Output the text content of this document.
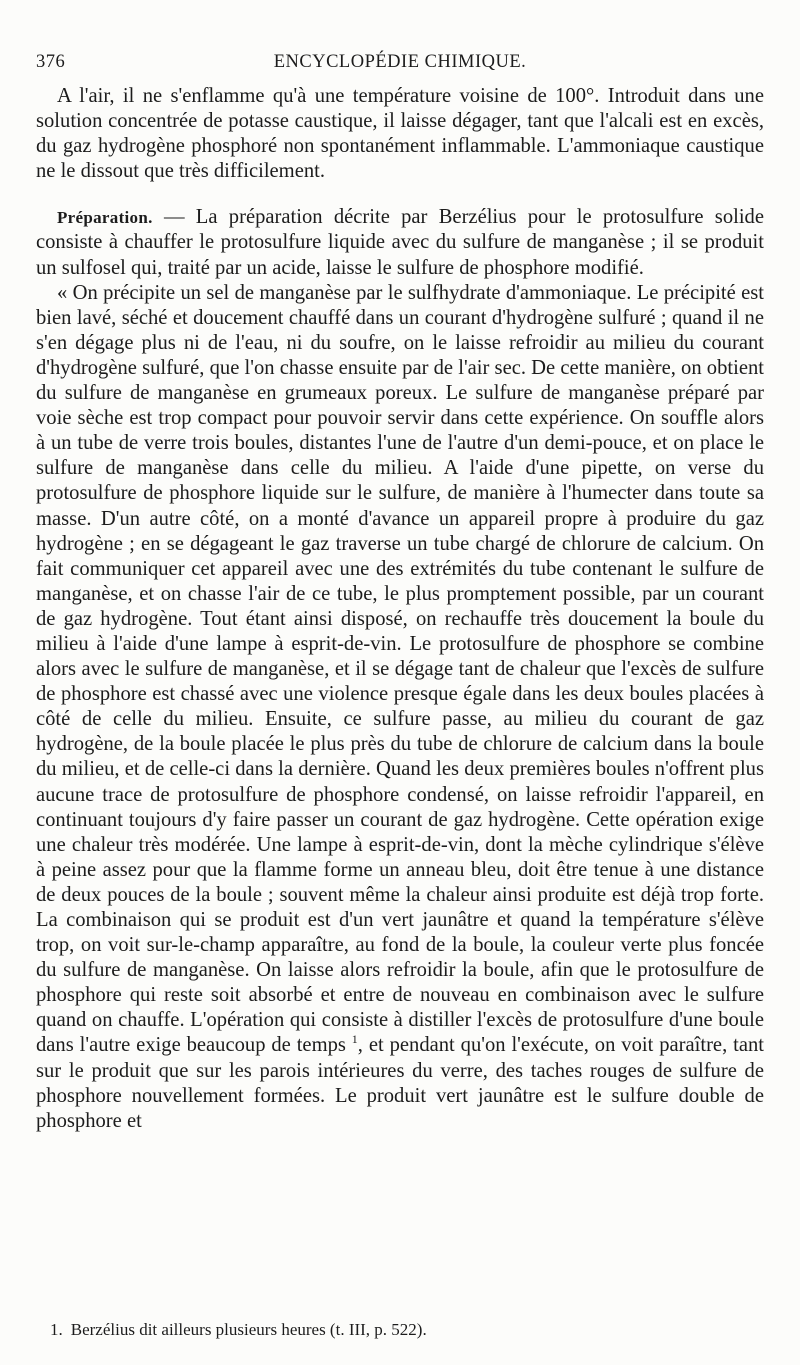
376	ENCYCLOPÉDIE CHIMIQUE.

A l'air, il ne s'enflamme qu'à une température voisine de 100°. Introduit dans une solution concentrée de potasse caustique, il laisse dégager, tant que l'alcali est en excès, du gaz hydrogène phosphoré non spontanément inflammable. L'ammoniaque caustique ne le dissout que très difficilement.

Préparation. — La préparation décrite par Berzélius pour le protosulfure solide consiste à chauffer le protosulfure liquide avec du sulfure de manganèse ; il se produit un sulfosel qui, traité par un acide, laisse le sulfure de phosphore modifié.

« On précipite un sel de manganèse par le sulfhydrate d'ammoniaque. Le précipité est bien lavé, séché et doucement chauffé dans un courant d'hydrogène sulfuré ; quand il ne s'en dégage plus ni de l'eau, ni du soufre, on le laisse refroidir au milieu du courant d'hydrogène sulfuré, que l'on chasse ensuite par de l'air sec. De cette manière, on obtient du sulfure de manganèse en grumeaux poreux. Le sulfure de manganèse préparé par voie sèche est trop compact pour pouvoir servir dans cette expérience. On souffle alors à un tube de verre trois boules, distantes l'une de l'autre d'un demi-pouce, et on place le sulfure de manganèse dans celle du milieu. A l'aide d'une pipette, on verse du protosulfure de phosphore liquide sur le sulfure, de manière à l'humecter dans toute sa masse. D'un autre côté, on a monté d'avance un appareil propre à produire du gaz hydrogène ; en se dégageant le gaz traverse un tube chargé de chlorure de calcium. On fait communiquer cet appareil avec une des extrémités du tube contenant le sulfure de manganèse, et on chasse l'air de ce tube, le plus promptement possible, par un courant de gaz hydrogène. Tout étant ainsi disposé, on rechauffe très doucement la boule du milieu à l'aide d'une lampe à esprit-de-vin. Le protosulfure de phosphore se combine alors avec le sulfure de manganèse, et il se dégage tant de chaleur que l'excès de sulfure de phosphore est chassé avec une violence presque égale dans les deux boules placées à côté de celle du milieu. Ensuite, ce sulfure passe, au milieu du courant de gaz hydrogène, de la boule placée le plus près du tube de chlorure de calcium dans la boule du milieu, et de celle-ci dans la dernière. Quand les deux premières boules n'offrent plus aucune trace de protosulfure de phosphore condensé, on laisse refroidir l'appareil, en continuant toujours d'y faire passer un courant de gaz hydrogène. Cette opération exige une chaleur très modérée. Une lampe à esprit-de-vin, dont la mèche cylindrique s'élève à peine assez pour que la flamme forme un anneau bleu, doit être tenue à une distance de deux pouces de la boule ; souvent même la chaleur ainsi produite est déjà trop forte. La combinaison qui se produit est d'un vert jaunâtre et quand la température s'élève trop, on voit sur-le-champ apparaître, au fond de la boule, la couleur verte plus foncée du sulfure de manganèse. On laisse alors refroidir la boule, afin que le protosulfure de phosphore qui reste soit absorbé et entre de nouveau en combinaison avec le sulfure quand on chauffe. L'opération qui consiste à distiller l'excès de protosulfure d'une boule dans l'autre exige beaucoup de temps $^1$, et pendant qu'on l'exécute, on voit paraître, tant sur le produit que sur les parois intérieures du verre, des taches rouges de sulfure de phosphore nouvellement formées. Le produit vert jaunâtre est le sulfure double de phosphore et

1. Berzélius dit ailleurs plusieurs heures (t. III, p. 522).
